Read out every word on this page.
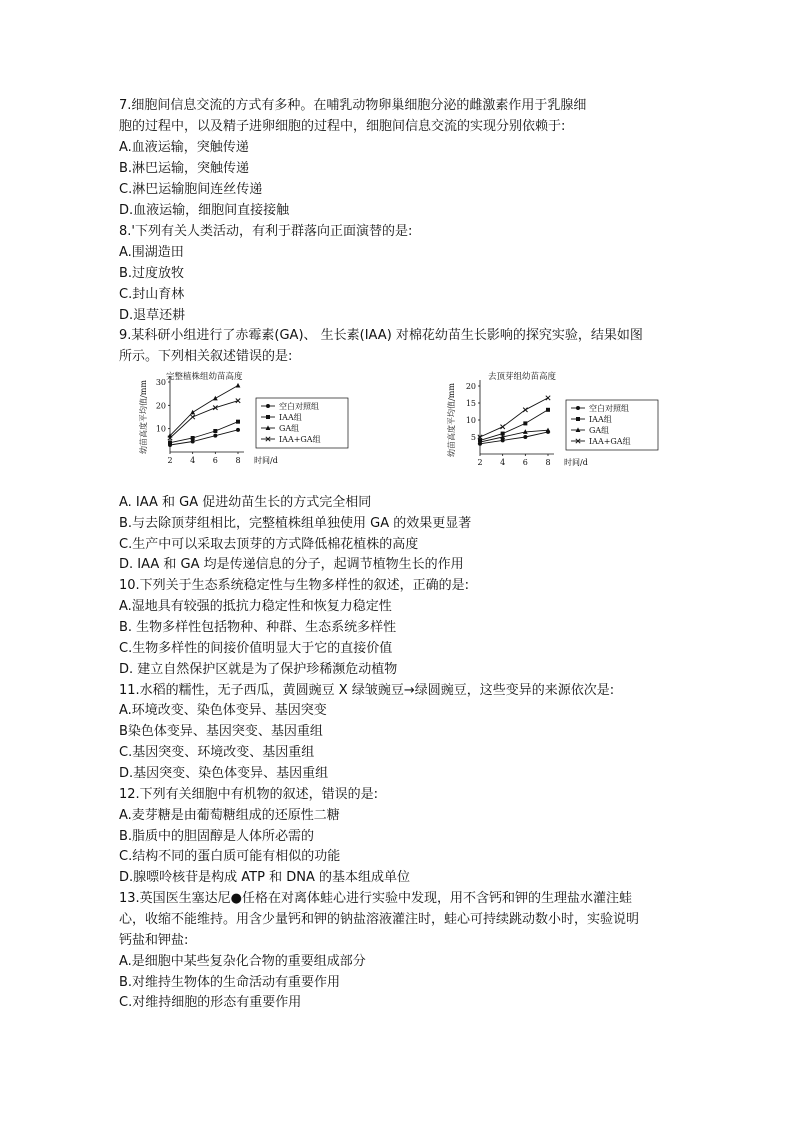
7.细胞间信息交流的方式有多种。在哺乳动物卵巢细胞分泌的雌激素作用于乳腺细
胞的过程中，以及精子进卵细胞的过程中，细胞间信息交流的实现分别依赖于:
A.血液运输，突触传递
B.淋巴运输，突触传递
C.淋巴运输胞间连丝传递
D.血液运输，细胞间直接接触
8.'下列有关人类活动，有利于群落向正面演替的是:
A.围湖造田
B.过度放牧
C.封山育林
D.退草还耕
9.某科研小组进行了赤霉素(GA)、 生长素(IAA) 对棉花幼苗生长影响的探究实验，结果如图
所示。下列相关叙述错误的是:
完整植株组幼苗高度
幼苗高度平均值/mm 10
20
30
2 4 6 8 时间/d
空白对照组
IAA组
GA组
IAA+GA组
去顶芽组幼苗高度
幼苗高度平均值/mm 5
10
15
20
2 4 6 8 时间/d
空白对照组
IAA组
GA组
IAA+GA组
A. IAA 和 GA 促进幼苗生长的方式完全相同
B.与去除顶芽组相比，完整植株组单独使用 GA 的效果更显著
C.生产中可以采取去顶芽的方式降低棉花植株的高度
D. IAA 和 GA 均是传递信息的分子，起调节植物生长的作用
10.下列关于生态系统稳定性与生物多样性的叙述，正确的是:
A.湿地具有较强的抵抗力稳定性和恢复力稳定性
B. 生物多样性包括物种、种群、生态系统多样性
C.生物多样性的间接价值明显大于它的直接价值
D. 建立自然保护区就是为了保护珍稀濒危动植物
11.水稻的糯性，无子西瓜，黄圆豌豆 X 绿皱豌豆→绿圆豌豆，这些变异的来源依次是:
A.环境改变、染色体变异、基因突变
B染色体变异、基因突变、基因重组
C.基因突变、环境改变、基因重组
D.基因突变、染色体变异、基因重组
12.下列有关细胞中有机物的叙述，错误的是:
A.麦芽糖是由葡萄糖组成的还原性二糖
B.脂质中的胆固醇是人体所必需的
C.结构不同的蛋白质可能有相似的功能
D.腺嘌呤核苷是构成 ATP 和 DNA 的基本组成单位
13.英国医生塞达尼●任格在对离体蛙心进行实验中发现，用不含钙和钾的生理盐水灌注蛙
心，收缩不能维持。用含少量钙和钾的钠盐溶液灌注时，蛙心可持续跳动数小时，实验说明
钙盐和钾盐:
A.是细胞中某些复杂化合物的重要组成部分
B.对维持生物体的生命活动有重要作用
C.对维持细胞的形态有重要作用
